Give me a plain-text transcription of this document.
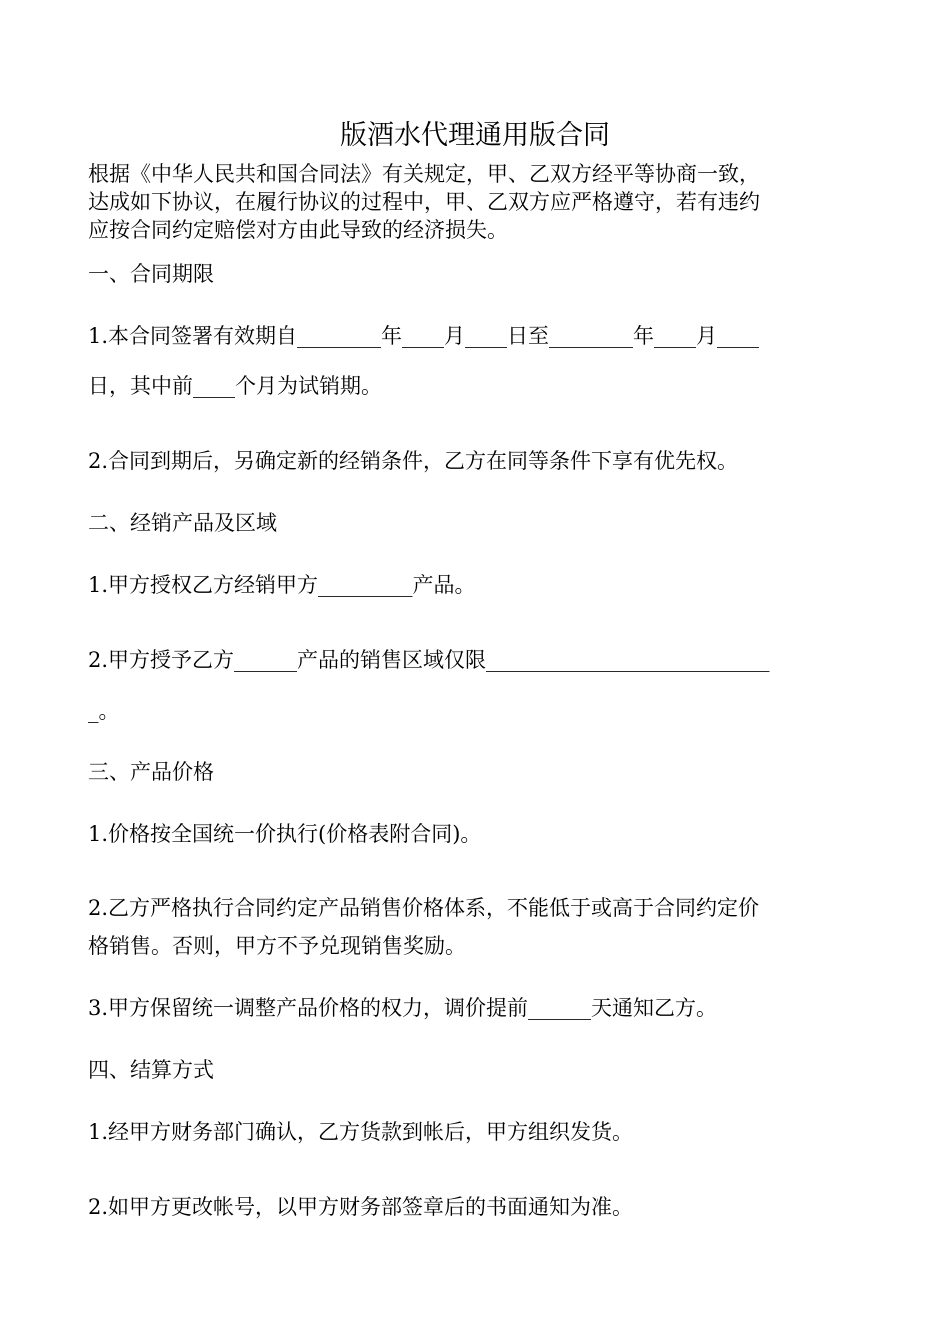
版酒水代理通用版合同
根据《中华人民共和国合同法》有关规定，甲、乙双方经平等协商一致，
达成如下协议，在履行协议的过程中，甲、乙双方应严格遵守，若有违约
应按合同约定赔偿对方由此导致的经济损失。
一、合同期限
1.本合同签署有效期自________年____月____日至________年____月____
日，其中前____个月为试销期。
2.合同到期后，另确定新的经销条件，乙方在同等条件下享有优先权。
二、经销产品及区域
1.甲方授权乙方经销甲方_________产品。
2.甲方授予乙方______产品的销售区域仅限___________________________
_。
三、产品价格
1.价格按全国统一价执行(价格表附合同)。
2.乙方严格执行合同约定产品销售价格体系，不能低于或高于合同约定价
格销售。否则，甲方不予兑现销售奖励。
3.甲方保留统一调整产品价格的权力，调价提前______天通知乙方。
四、结算方式
1.经甲方财务部门确认，乙方货款到帐后，甲方组织发货。
2.如甲方更改帐号，以甲方财务部签章后的书面通知为准。
